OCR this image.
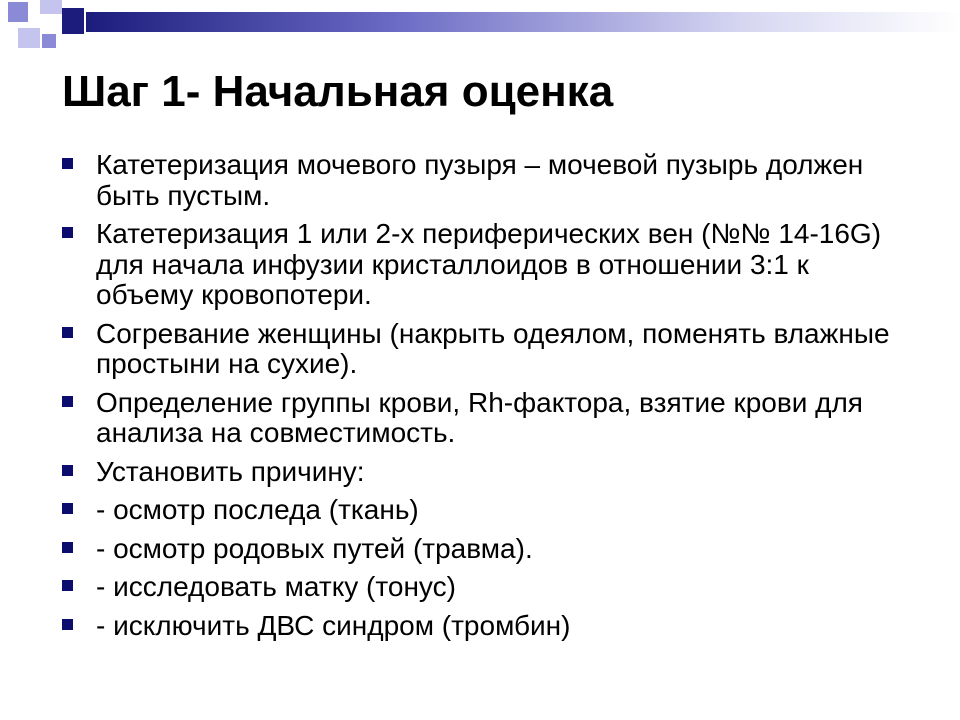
Шаг 1- Начальная оценка
Катетеризация мочевого пузыря – мочевой пузырь должен быть пустым.
Катетеризация 1 или 2-х периферических вен (№№ 14-16G) для начала инфузии кристаллоидов в отношении 3:1 к объему кровопотери.
Согревание женщины (накрыть одеялом, поменять влажные простыни на сухие).
Определение группы крови, Rh-фактора, взятие крови для анализа на совместимость.
Установить причину:
- осмотр последа (ткань)
- осмотр родовых путей (травма).
- исследовать матку (тонус)
- исключить ДВС синдром (тромбин)
